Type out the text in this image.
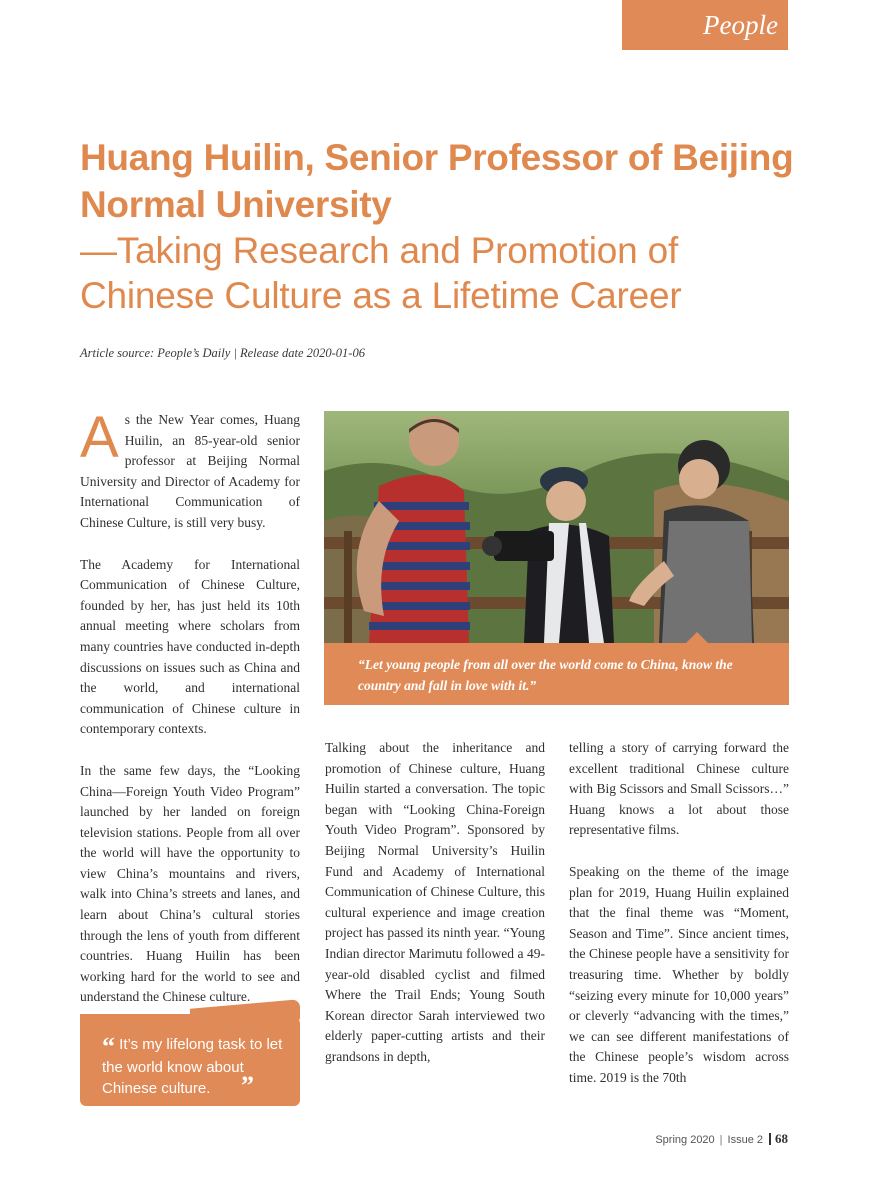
People
Huang Huilin, Senior Professor of Beijing Normal University
—Taking Research and Promotion of Chinese Culture as a Lifetime Career
Article source: People’s Daily | Release date 2020-01-06

As the New Year comes, Huang Huilin, an 85-year-old senior professor at Beijing Normal University and Director of Academy for International Communication of Chinese Culture, is still very busy.

The Academy for International Communication of Chinese Culture, founded by her, has just held its 10th annual meeting where scholars from many countries have conducted in-depth discussions on issues such as China and the world, and international communication of Chinese culture in contemporary contexts.

In the same few days, the “Looking China—Foreign Youth Video Program” launched by her landed on foreign television stations. People from all over the world will have the opportunity to view China’s mountains and rivers, walk into China’s streets and lanes, and learn about China’s cultural stories through the lens of youth from different countries. Huang Huilin has been working hard for the world to see and understand the Chinese culture.

“Let young people from all over the world come to China, know the country and fall in love with it.”

Talking about the inheritance and promotion of Chinese culture, Huang Huilin started a conversation. The topic began with “Looking China-Foreign Youth Video Program”. Sponsored by Beijing Normal University’s Huilin Fund and Academy of International Communication of Chinese Culture, this cultural experience and image creation project has passed its ninth year. “Young Indian director Marimutu followed a 49-year-old disabled cyclist and filmed Where the Trail Ends; Young South Korean director Sarah interviewed two elderly paper-cutting artists and their grandsons in depth,

telling a story of carrying forward the excellent traditional Chinese culture with Big Scissors and Small Scissors…” Huang knows a lot about those representative films.

Speaking on the theme of the image plan for 2019, Huang Huilin explained that the final theme was “Moment, Season and Time”. Since ancient times, the Chinese people have a sensitivity for treasuring time. Whether by boldly “seizing every minute for 10,000 years” or cleverly “advancing with the times,” we can see different manifestations of the Chinese people’s wisdom across time. 2019 is the 70th

“ It’s my lifelong task to let the world know about Chinese culture. ”
Spring 2020 | Issue 2 68
